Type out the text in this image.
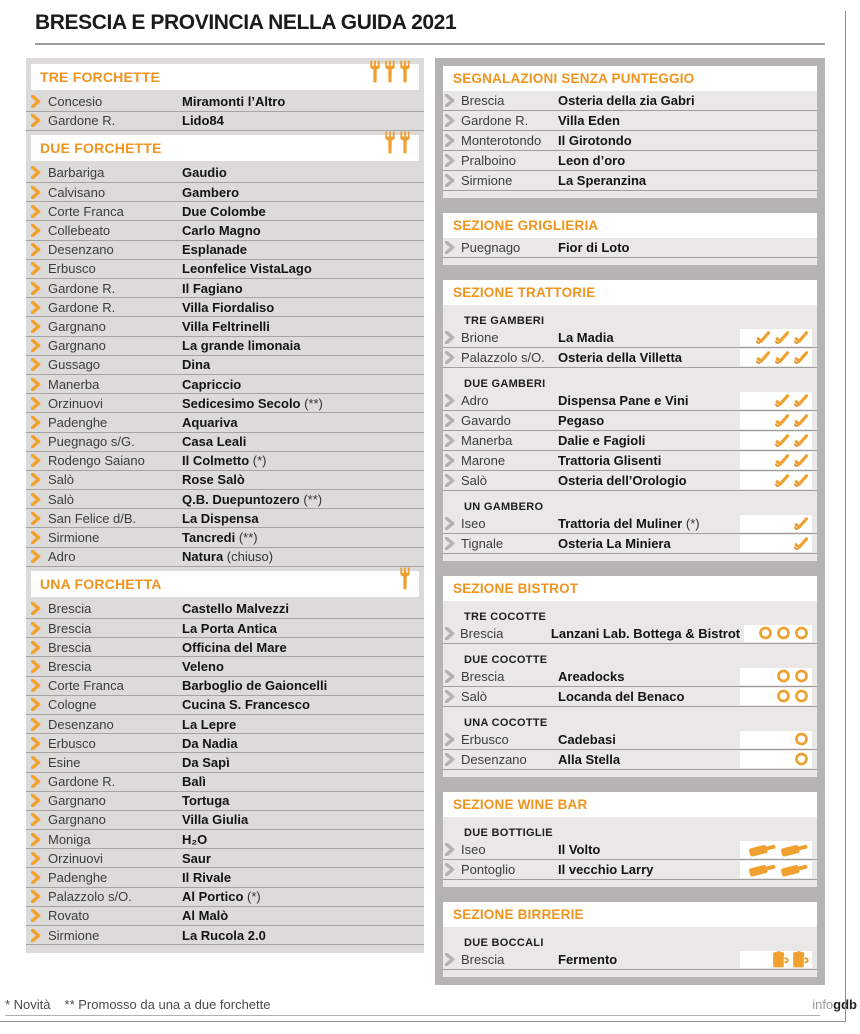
BRESCIA E PROVINCIA NELLA GUIDA 2021
TRE FORCHETTE
Concesio	Miramonti l’Altro
Gardone R.	Lido84
DUE FORCHETTE
Barbariga	Gaudio
Calvisano	Gambero
Corte Franca	Due Colombe
Collebeato	Carlo Magno
Desenzano	Esplanade
Erbusco	Leonfelice VistaLago
Gardone R.	Il Fagiano
Gardone R.	Villa Fiordaliso
Gargnano	Villa Feltrinelli
Gargnano	La grande limonaia
Gussago	Dina
Manerba	Capriccio
Orzinuovi	Sedicesimo Secolo (**)
Padenghe	Aquariva
Puegnago s/G.	Casa Leali
Rodengo Saiano	Il Colmetto (*)
Salò	Rose Salò
Salò	Q.B. Duepuntozero (**)
San Felice d/B.	La Dispensa
Sirmione	Tancredi (**)
Adro	Natura (chiuso)
UNA FORCHETTA
Brescia	Castello Malvezzi
Brescia	La Porta Antica
Brescia	Officina del Mare
Brescia	Veleno
Corte Franca	Barboglio de Gaioncelli
Cologne	Cucina S. Francesco
Desenzano	La Lepre
Erbusco	Da Nadia
Esine	Da Sapì
Gardone R.	Balì
Gargnano	Tortuga
Gargnano	Villa Giulia
Moniga	H₂O
Orzinuovi	Saur
Padenghe	Il Rivale
Palazzolo s/O.	Al Portico (*)
Rovato	Al Malò
Sirmione	La Rucola 2.0
SEGNALAZIONI SENZA PUNTEGGIO
Brescia	Osteria della zia Gabri
Gardone R.	Villa Eden
Monterotondo	Il Girotondo
Pralboino	Leon d’oro
Sirmione	La Speranzina
SEZIONE GRIGLIERIA
Puegnago	Fior di Loto
SEZIONE TRATTORIE
TRE GAMBERI
Brione	La Madia
Palazzolo s/O.	Osteria della Villetta
DUE GAMBERI
Adro	Dispensa Pane e Vini
Gavardo	Pegaso
Manerba	Dalie e Fagioli
Marone	Trattoria Glisenti
Salò	Osteria dell’Orologio
UN GAMBERO
Iseo	Trattoria del Muliner (*)
Tignale	Osteria La Miniera
SEZIONE BISTROT
TRE COCOTTE
Brescia	Lanzani Lab. Bottega & Bistrot
DUE COCOTTE
Brescia	Areadocks
Salò	Locanda del Benaco
UNA COCOTTE
Erbusco	Cadebasi
Desenzano	Alla Stella
SEZIONE WINE BAR
DUE BOTTIGLIE
Iseo	Il Volto
Pontoglio	Il vecchio Larry
SEZIONE BIRRERIE
DUE BOCCALI
Brescia	Fermento
* Novità ** Promosso da una a due forchette	infogdb
